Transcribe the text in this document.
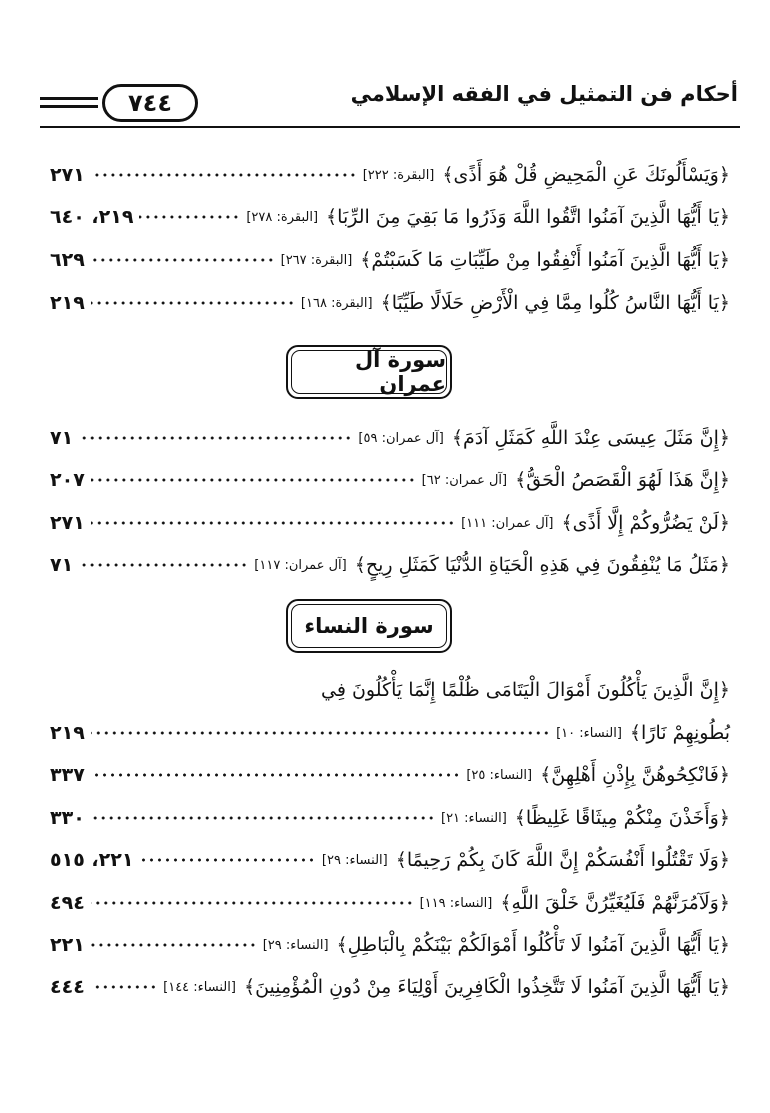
٧٤٤	أحكام فن التمثيل في الفقه الإسلامي
﴿وَيَسْأَلُونَكَ عَنِ الْمَحِيضِ قُلْ هُوَ أَذًى﴾
[البقرة: ٢٢٢]
٢٧١
﴿يَا أَيُّهَا الَّذِينَ آمَنُوا اتَّقُوا اللَّهَ وَذَرُوا مَا بَقِيَ مِنَ الرِّبَا﴾
[البقرة: ٢٧٨]
٢١٩، ٦٤٠
﴿يَا أَيُّهَا الَّذِينَ آمَنُوا أَنْفِقُوا مِنْ طَيِّبَاتِ مَا كَسَبْتُمْ﴾
[البقرة: ٢٦٧]
٦٢٩
﴿يَا أَيُّهَا النَّاسُ كُلُوا مِمَّا فِي الْأَرْضِ حَلَالًا طَيِّبًا﴾
[البقرة: ١٦٨]
٢١٩
سورة آل عمران
﴿إِنَّ مَثَلَ عِيسَى عِنْدَ اللَّهِ كَمَثَلِ آدَمَ﴾
[آل عمران: ٥٩]
٧١
﴿إِنَّ هَذَا لَهُوَ الْقَصَصُ الْحَقُّ﴾
[آل عمران: ٦٢]
٢٠٧
﴿لَنْ يَضُرُّوكُمْ إِلَّا أَذًى﴾
[آل عمران: ١١١]
٢٧١
﴿مَثَلُ مَا يُنْفِقُونَ فِي هَذِهِ الْحَيَاةِ الدُّنْيَا كَمَثَلِ رِيحٍ﴾
[آل عمران: ١١٧]
٧١
سورة النساء
﴿إِنَّ الَّذِينَ يَأْكُلُونَ أَمْوَالَ الْيَتَامَى ظُلْمًا إِنَّمَا يَأْكُلُونَ فِي
بُطُونِهِمْ نَارًا﴾
[النساء: ١٠]
٢١٩
﴿فَانْكِحُوهُنَّ بِإِذْنِ أَهْلِهِنَّ﴾
[النساء: ٢٥]
٣٣٧
﴿وَأَخَذْنَ مِنْكُمْ مِيثَاقًا غَلِيظًا﴾
[النساء: ٢١]
٣٣٠
﴿وَلَا تَقْتُلُوا أَنْفُسَكُمْ إِنَّ اللَّهَ كَانَ بِكُمْ رَحِيمًا﴾
[النساء: ٢٩]
٢٢١، ٥١٥
﴿وَلَآمُرَنَّهُمْ فَلَيُغَيِّرُنَّ خَلْقَ اللَّهِ﴾
[النساء: ١١٩]
٤٩٤
﴿يَا أَيُّهَا الَّذِينَ آمَنُوا لَا تَأْكُلُوا أَمْوَالَكُمْ بَيْنَكُمْ بِالْبَاطِلِ﴾
[النساء: ٢٩]
٢٢١
﴿يَا أَيُّهَا الَّذِينَ آمَنُوا لَا تَتَّخِذُوا الْكَافِرِينَ أَوْلِيَاءَ مِنْ دُونِ الْمُؤْمِنِينَ﴾
[النساء: ١٤٤]
٤٤٤
